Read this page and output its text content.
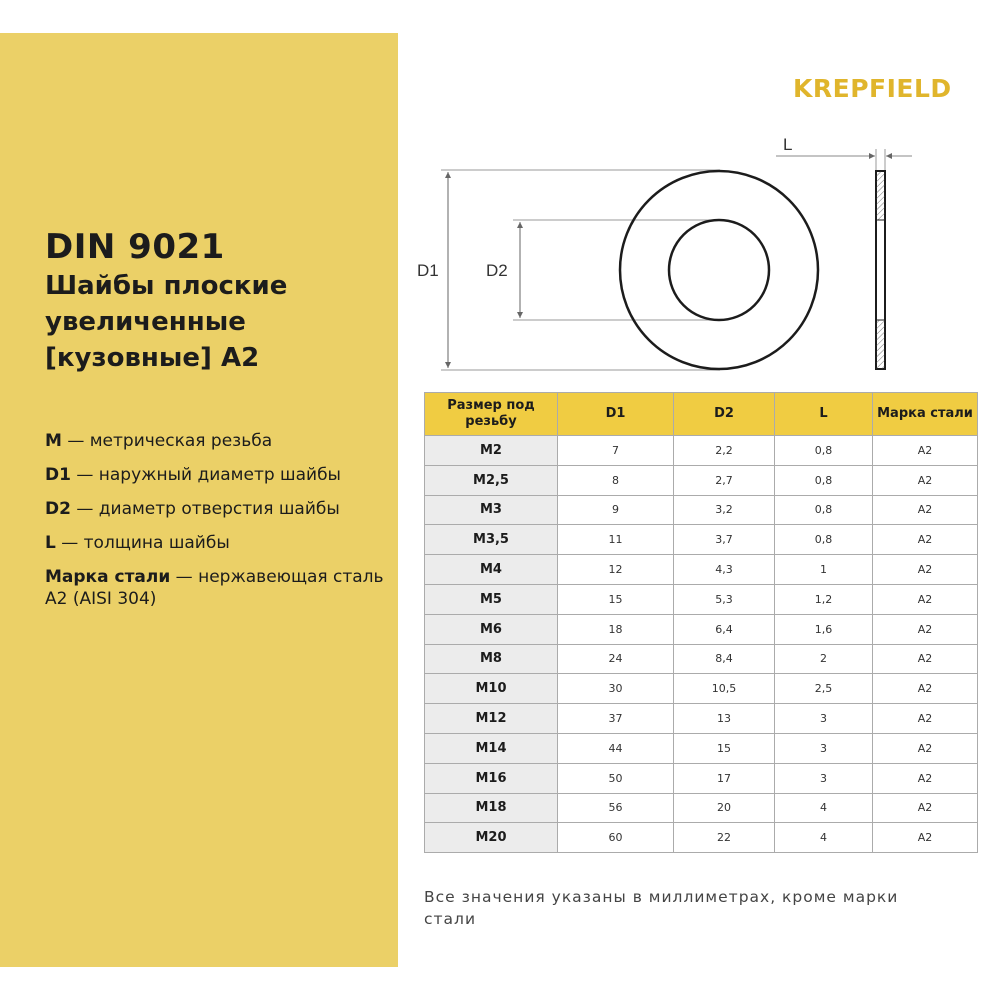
DIN 9021
Шайбы плоские
увеличенные
[кузовные] A2
M — метрическая резьба
D1 — наружный диаметр шайбы
D2 — диаметр отверстия шайбы
L — толщина шайбы
Марка стали — нержавеющая сталь A2 (AISI 304)
KREPFIELD
D1	D2
L
Размер под резьбу	D1	D2	L	Марка стали
M2	7	2,2	0,8	A2
M2,5	8	2,7	0,8	A2
M3	9	3,2	0,8	A2
M3,5	11	3,7	0,8	A2
M4	12	4,3	1	A2
M5	15	5,3	1,2	A2
M6	18	6,4	1,6	A2
M8	24	8,4	2	A2
M10	30	10,5	2,5	A2
M12	37	13	3	A2
M14	44	15	3	A2
M16	50	17	3	A2
M18	56	20	4	A2
M20	60	22	4	A2
Все значения указаны в миллиметрах, кроме марки стали
